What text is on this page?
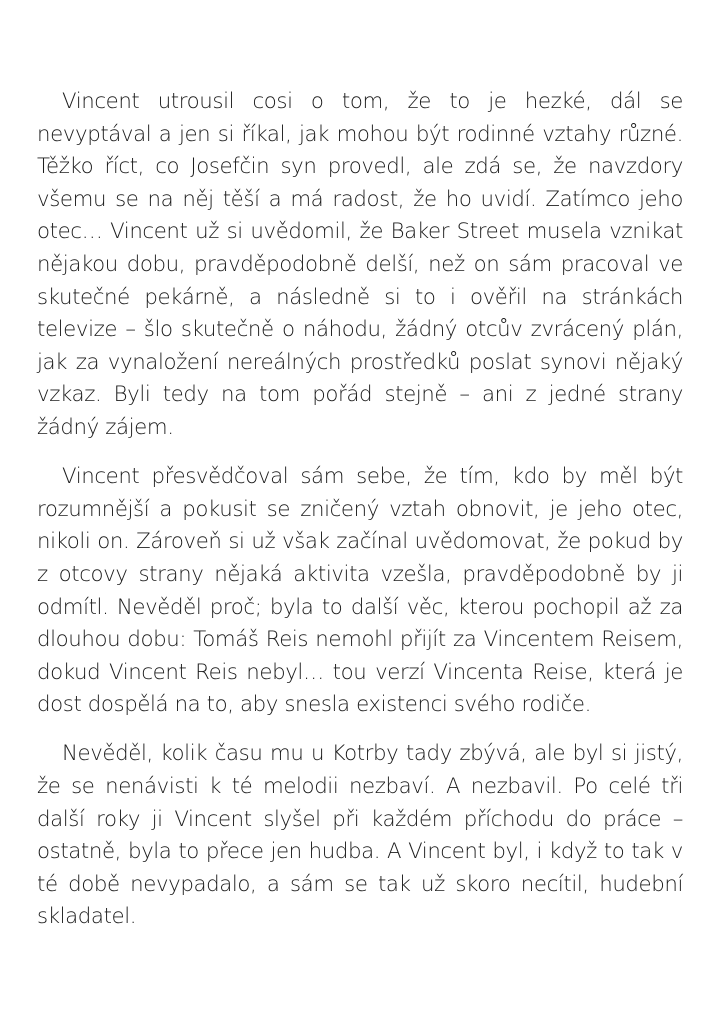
Vincent utrousil cosi o tom, že to je hezké, dál se nevyptával a jen si říkal, jak mohou být rodinné vztahy různé. Těžko říct, co Josefčin syn provedl, ale zdá se, že navzdory všemu se na něj těší a má radost, že ho uvidí. Zatímco jeho otec… Vincent už si uvědomil, že Baker Street musela vznikat nějakou dobu, pravděpodobně delší, než on sám pracoval ve skutečné pekárně, a následně si to i ověřil na stránkách televize – šlo skutečně o náhodu, žádný otcův zvrácený plán, jak za vynaložení nereálných prostředků poslat synovi nějaký vzkaz. Byli tedy na tom pořád stejně – ani z jedné strany žádný zájem.

Vincent přesvědčoval sám sebe, že tím, kdo by měl být rozumnější a pokusit se zničený vztah obnovit, je jeho otec, nikoli on. Zároveň si už však začínal uvědomovat, že pokud by z otcovy strany nějaká aktivita vzešla, pravděpodobně by ji odmítl. Nevěděl proč; byla to další věc, kterou pochopil až za dlouhou dobu: Tomáš Reis nemohl přijít za Vincentem Reisem, dokud Vincent Reis nebyl… tou verzí Vincenta Reise, která je dost dospělá na to, aby snesla existenci svého rodiče.

Nevěděl, kolik času mu u Kotrby tady zbývá, ale byl si jistý, že se nenávisti k té melodii nezbaví. A nezbavil. Po celé tři další roky ji Vincent slyšel při každém příchodu do práce – ostatně, byla to přece jen hudba. A Vincent byl, i když to tak v té době nevypadalo, a sám se tak už skoro necítil, hudební skladatel.
